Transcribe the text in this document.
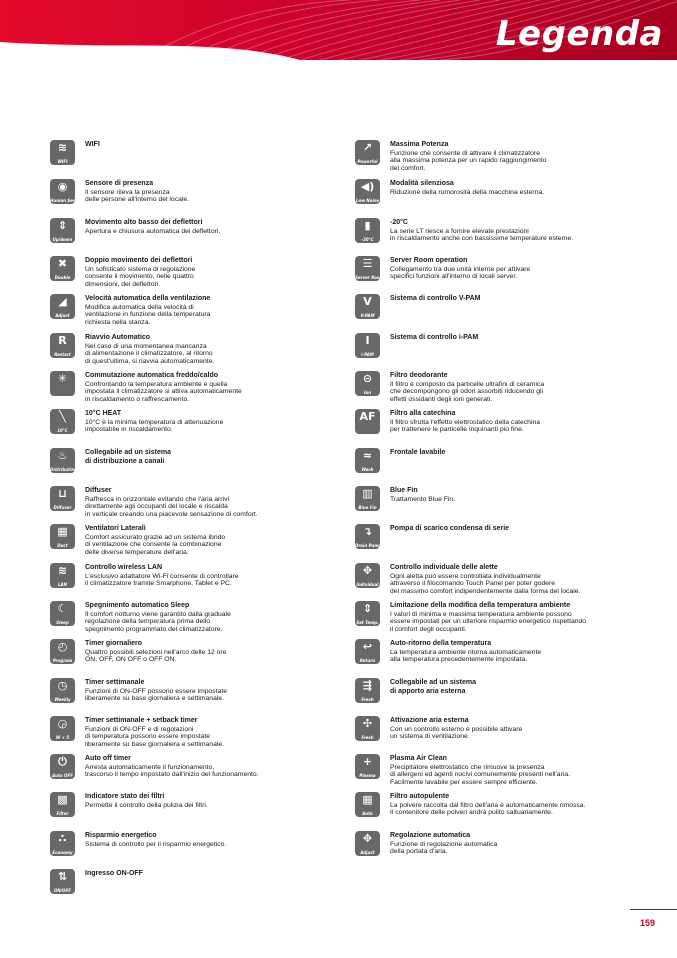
Legenda
≋
WIFI
WIFI
◉
Human Sensor
Sensore di presenza
Il sensore rileva la presenza
delle persone all'interno del locale.
⇕
Up/down
Movimento alto basso dei deflettori
Apertura e chiusura automatica dei deflettori.
✖
Double
Doppio movimento dei deflettori
Un sofisticato sistema di regolazione
consente il movimento, nelle quattro
dimensioni, dei deflettori.
◢
Adjust
Velocità automatica della ventilazione
Modifica automatica della velocità di
ventilazione in funzione della temperatura
richiesta nella stanza.
R
Restart
Riavvio Automatico
Nel caso di una momentanea mancanza
di alimentazione il climatizzatore, al ritorno
di quest'ultima, si riavvia automaticamente.
✳	Commutazione automatica freddo/caldo
Confrontando la temperatura ambiente e quella
impostata il climatizzatore si attiva automaticamente
in riscaldamento o raffrescamento.
╲
10°C
10°C HEAT
10°C è la minima temperatura di attenuazione
impostabile in riscaldamento.
♨
Distributing
Collegabile ad un sistema
di distribuzione a canali
⊔
Diffuser
Diffuser
Raffresca in orizzontale evitando che l'aria arrivi
direttamente agli occupanti del locale e riscalda
in verticale creando una piacevole sensazione di comfort.
▦
Duct
Ventilatori Laterali
Comfort assicurato grazie ad un sistema ibrido
di ventilazione che consente la combinazione
delle diverse temperature dell'aria.
≋
LAN
Controllo wireless LAN
L'esclusivo adattatore Wi-Fi consente di controllare
il climatizzatore tramite Smarphone, Tablet e PC.
☾
Sleep
Spegnimento automatico Sleep
Il comfort notturno viene garantito dalla graduale
regolazione della temperatura prima dello
spegnimento programmato del climatizzatore.
◴
Program
Timer giornaliero
Quattro possibili selezioni nell'arco delle 12 ore
ON, OFF, ON OFF o OFF ON.
◷
Weekly
Timer settimanale
Funzioni di ON-OFF possono essere impostate
liberamente su base giornaliera e settimanale.
◶
W + 5
Timer settimanale + setback timer
Funzioni di ON-OFF e di regolazioni
di temperatura possono essere impostate
liberamente su base giornaliera e settimanale.
⏻
Auto OFF
Auto off timer
Arresta automaticamente il funzionamento,
trascorso il tempo impostato dall'inizio del funzionamento.
▩
Filter
Indicatore stato dei filtri
Permette il controllo della pulizia dei filtri.
∴
Economy
Risparmio energetico
Sistema di controllo per il risparmio energetico.
⇅
ON/OFF
Ingresso ON-OFF
↗
Powerful
Massima Potenza
Funzione che consente di attivare il climatizzatore
alla massima potenza per un rapido raggiungimento
del comfort.
◀)
Low Noise
Modalità silenziosa
Riduzione della rumorosità della macchina esterna.
▮
-20°C
-20°C
La serie LT riesce a fornire elevate prestazioni
in riscaldamento anche con bassissime temperature esterne.
☰
Server Room
Server Room operation
Collegamento tra due unità interne per attivare
specifici funzioni all'interno di locali server.
V
V-PAM
Sistema di controllo V-PAM
I
i-PAM
Sistema di controllo i-PAM
⊝
Ion
Filtro deodorante
Il filtro è composto da particelle ultrafini di ceramica
che decompongono gli odori assorbiti riducendo gli
effetti ossidanti degli ioni generati.
AF	Filtro alla catechina
Il filtro sfrutta l'effetto elettrostatico della catechina
per trattenere le particelle inquinanti più fine.
≈
Wash
Frontale lavabile
▥
Blue Fin
Blue Fin
Trattamento Blue Fin.
↴
Drain Pump
Pompa di scarico condensa di serie
✥
Individual
Controllo individuale delle alette
Ogni aletta può essere controllata individualmente
attraverso il filocomando Touch Panel per poter godere
del massimo comfort indipendentemente dalla forma del locale.
⇕
Set Temp.
Limitazione della modifica della temperatura ambiente
I valori di minima e massima temperatura ambiente possono
essere impostati per un ulteriore risparmio energetico rispettando
il comfort degli occupanti.
↩
Return
Auto-ritorno della temperatura
La temperatura ambiente ritorna automaticamente
alla temperatura precedentemente impostata.
⇶
Fresh
Collegabile ad un sistema
di apporto aria esterna
✣
Fresh
Attivazione aria esterna
Con un controllo esterno è possibile attivare
un sistema di ventilazione.
+
Plasma
Plasma Air Clean
Precipitatore elettrostatico che rimuove la presenza
di allergeni ed agenti nocivi comunemente presenti nell'aria.
Facilmente lavabile per essere sempre efficiente.
▦
Auto
Filtro autopulente
La polvere raccolta dal filtro dell'aria è automaticamente rimossa.
Il contenitore delle polveri andrà pulito saltuariamente.
✥
Adjust
Regolazione automatica
Funzione di regolazione automatica
della portata d'aria.
159
